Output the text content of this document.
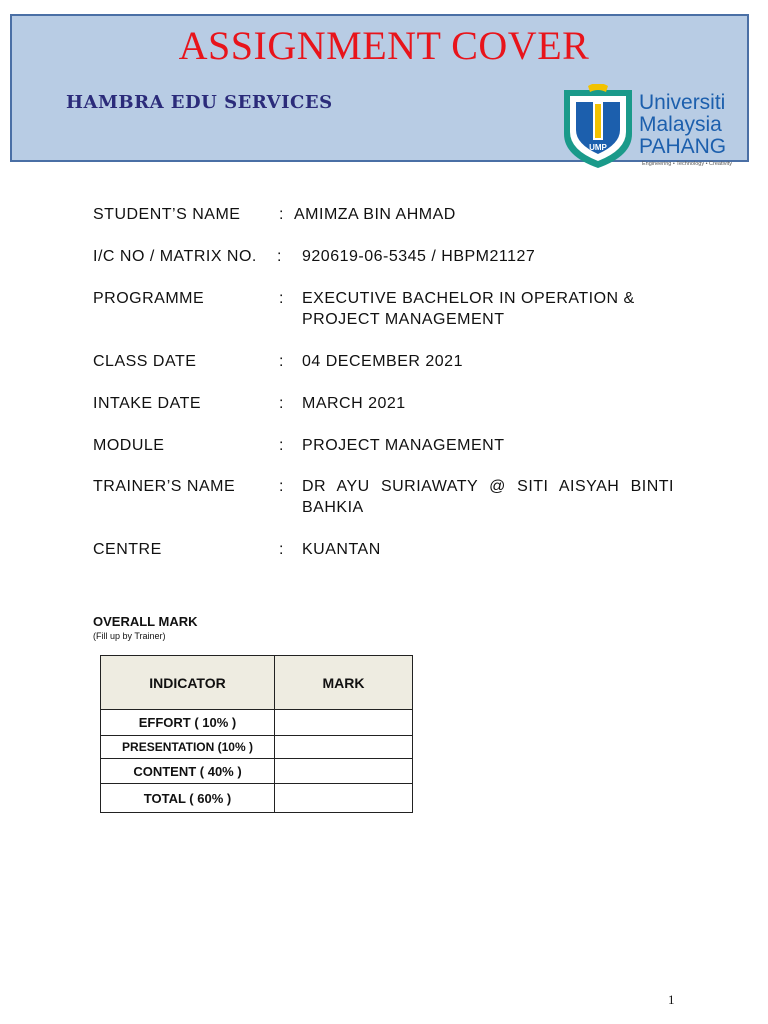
ASSIGNMENT COVER
HAMBRA EDU SERVICES
UMP
Universiti
Malaysia
PAHANG
Engineering • Technology • Creativity
STUDENT’S NAME : AMIMZA BIN AHMAD
I/C NO / MATRIX NO. : 920619-06-5345 / HBPM21127
PROGRAMME	: EXECUTIVE BACHELOR IN OPERATION & PROJECT MANAGEMENT
CLASS DATE	: 04 DECEMBER 2021
INTAKE DATE	: MARCH 2021
MODULE	: PROJECT MANAGEMENT
TRAINER’S NAME	: DR AYU SURIAWATY @ SITI AISYAH BINTI BAHKIA
CENTRE	: KUANTAN
OVERALL MARK
(Fill up by Trainer)
INDICATOR	MARK
EFFORT ( 10% )	
PRESENTATION (10% )	
CONTENT ( 40% )	
TOTAL ( 60% )	
1
